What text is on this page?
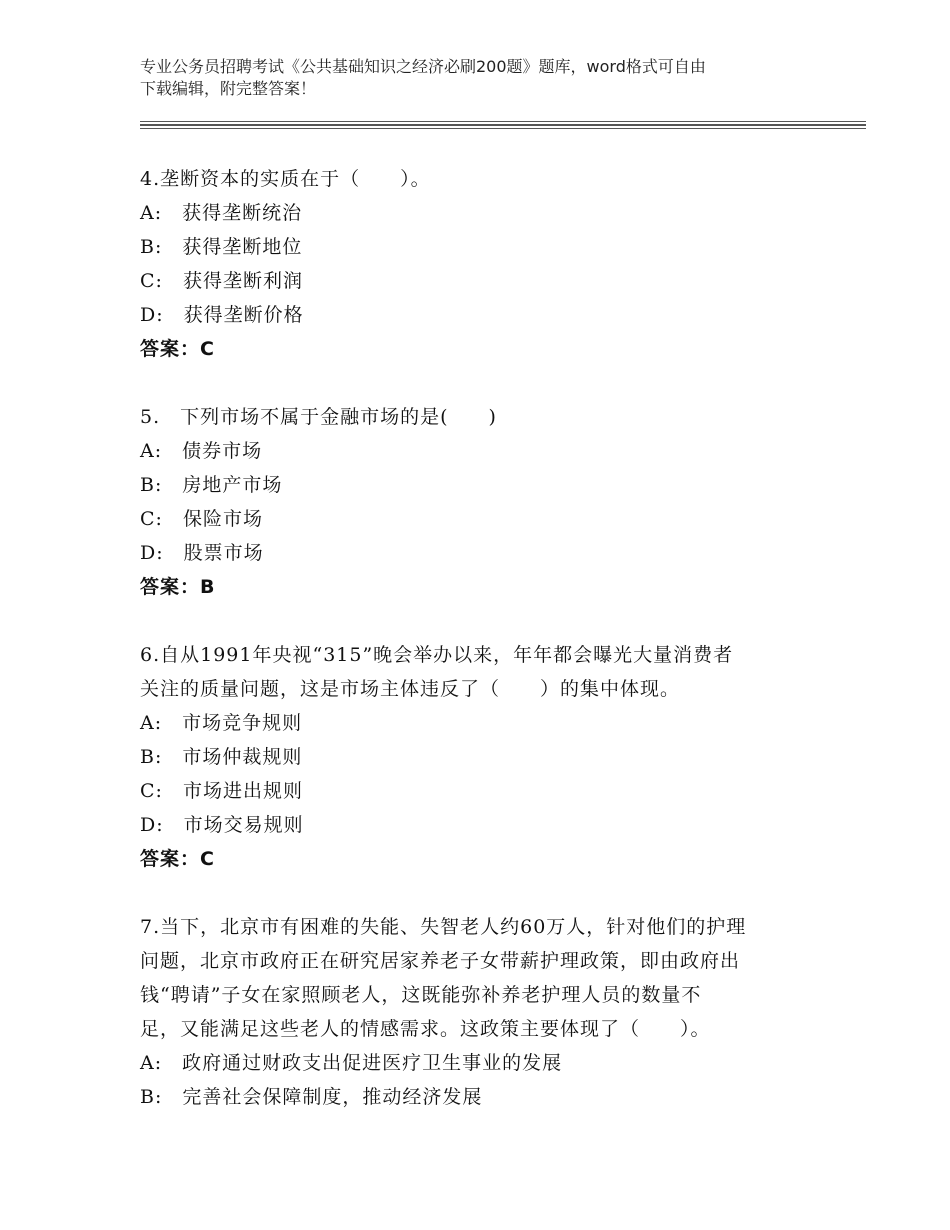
专业公务员招聘考试《公共基础知识之经济必刷200题》题库，word格式可自由
下载编辑，附完整答案！
4.垄断资本的实质在于（　　）。
A:　获得垄断统治
B:　获得垄断地位
C:　获得垄断利润
D:　获得垄断价格
答案：C
5.　下列市场不属于金融市场的是(　　)
A:　债券市场
B:　房地产市场
C:　保险市场
D:　股票市场
答案：B
6.自从1991年央视“315”晚会举办以来，年年都会曝光大量消费者
关注的质量问题，这是市场主体违反了（　　）的集中体现。
A:　市场竞争规则
B:　市场仲裁规则
C:　市场进出规则
D:　市场交易规则
答案：C
7.当下，北京市有困难的失能、失智老人约60万人，针对他们的护理
问题，北京市政府正在研究居家养老子女带薪护理政策，即由政府出
钱“聘请”子女在家照顾老人，这既能弥补养老护理人员的数量不
足，又能满足这些老人的情感需求。这政策主要体现了（　　）。
A:　政府通过财政支出促进医疗卫生事业的发展
B:　完善社会保障制度，推动经济发展
